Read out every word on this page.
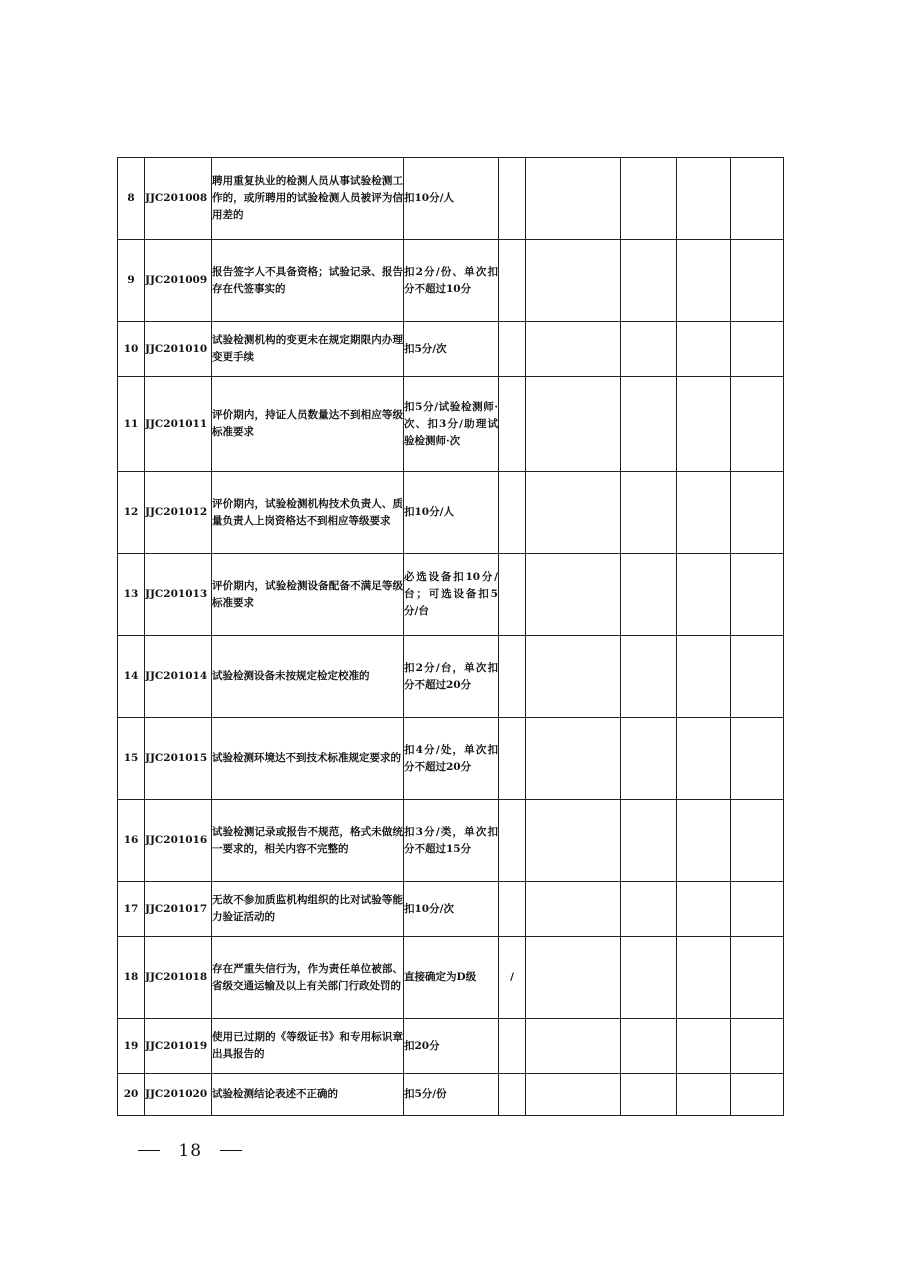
8	JJC201008	聘用重复执业的检测人员从事试验检测工作的，或所聘用的试验检测人员被评为信用差的	扣10分/人					
9	JJC201009	报告签字人不具备资格；试验记录、报告存在代签事实的	扣2分/份、单次扣分不超过10分					
10	JJC201010	试验检测机构的变更未在规定期限内办理变更手续	扣5分/次					
11	JJC201011	评价期内，持证人员数量达不到相应等级标准要求	扣5分/试验检测师·次、扣3分/助理试验检测师·次					
12	JJC201012	评价期内，试验检测机构技术负责人、质量负责人上岗资格达不到相应等级要求	扣10分/人					
13	JJC201013	评价期内，试验检测设备配备不满足等级标准要求	必选设备扣10分/台；可选设备扣5分/台					
14	JJC201014	试验检测设备未按规定检定校准的	扣2分/台，单次扣分不超过20分					
15	JJC201015	试验检测环境达不到技术标准规定要求的	扣4分/处，单次扣分不超过20分					
16	JJC201016	试验检测记录或报告不规范，格式未做统一要求的，相关内容不完整的	扣3分/类，单次扣分不超过15分					
17	JJC201017	无故不参加质监机构组织的比对试验等能力验证活动的	扣10分/次					
18	JJC201018	存在严重失信行为，作为责任单位被部、省级交通运输及以上有关部门行政处罚的	直接确定为D级	/				
19	JJC201019	使用已过期的《等级证书》和专用标识章出具报告的	扣20分					
20	JJC201020	试验检测结论表述不正确的	扣5分/份					
18
